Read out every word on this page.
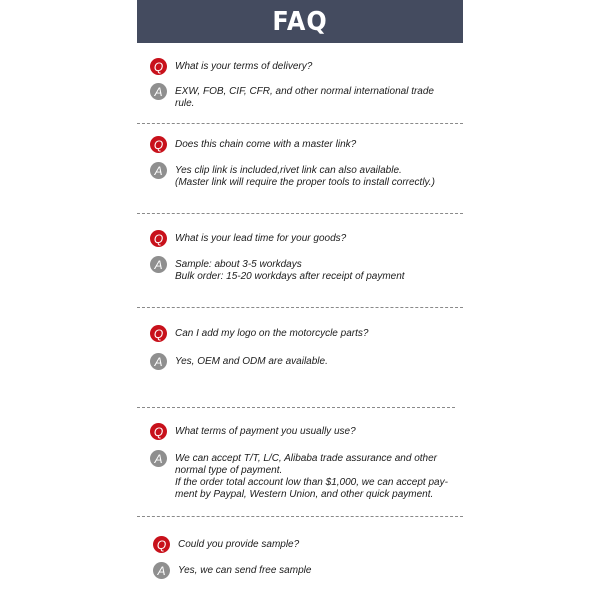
FAQ
Q	What is your terms of delivery?
A	EXW, FOB, CIF, CFR, and other normal international trade
rule.
Q	Does this chain come with a master link?
A	Yes clip link is included,rivet link can also available.
(Master link will require the proper tools to install correctly.)
Q	What is your lead time for your goods?
A	Sample: about 3-5 workdays
Bulk order: 15-20 workdays after receipt of payment
Q	Can I add my logo on the motorcycle parts?
A	Yes, OEM and ODM are available.
Q	What terms of payment you usually use?
A	We can accept T/T, L/C, Alibaba trade assurance and other
normal type of payment.
If the order total account low than $1,000, we can accept pay-
ment by Paypal, Western Union, and other quick payment.
Q	Could you provide sample?
A	Yes, we can send free sample
